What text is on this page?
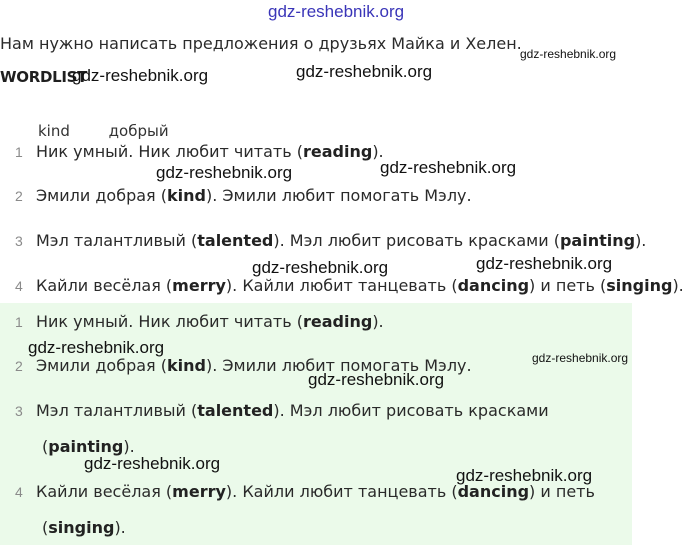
gdz-reshebnik.org
Нам нужно написать предложения о друзьях Майка и Хелен.
gdz-reshebnik.org
WORDLIST
gdz-reshebnik.org	gdz-reshebnik.org
kind	добрый
1 Ник умный. Ник любит читать (reading).
2 Эмили добрая (kind). Эмили любит помогать Мэлу.
3 Мэл талантливый (talented). Мэл любит рисовать красками (painting).
4 Кайли весёлая (merry). Кайли любит танцевать (dancing) и петь (singing).
gdz-reshebnik.org	gdz-reshebnik.org
gdz-reshebnik.org	gdz-reshebnik.org
1 Ник умный. Ник любит читать (reading).
2 Эмили добрая (kind). Эмили любит помогать Мэлу.
3 Мэл талантливый (talented). Мэл любит рисовать красками
(painting).
4 Кайли весёлая (merry). Кайли любит танцевать (dancing) и петь
(singing).
gdz-reshebnik.org
gdz-reshebnik.org
gdz-reshebnik.org
gdz-reshebnik.org
gdz-reshebnik.org
